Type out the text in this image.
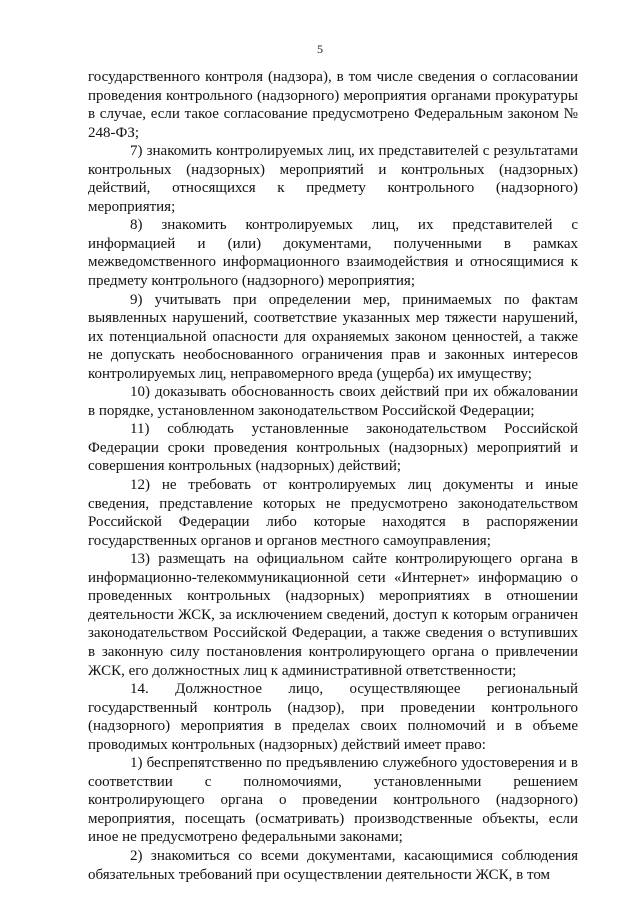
5

государственного контроля (надзора), в том числе сведения о согласовании проведения контрольного (надзорного) мероприятия органами прокуратуры в случае, если такое согласование предусмотрено Федеральным законом № 248-ФЗ;

7) знакомить контролируемых лиц, их представителей с результатами контрольных (надзорных) мероприятий и контрольных (надзорных) действий, относящихся к предмету контрольного (надзорного) мероприятия;

8) знакомить контролируемых лиц, их представителей с информацией и (или) документами, полученными в рамках межведомственного информационного взаимодействия и относящимися к предмету контрольного (надзорного) мероприятия;

9) учитывать при определении мер, принимаемых по фактам выявленных нарушений, соответствие указанных мер тяжести нарушений, их потенциальной опасности для охраняемых законом ценностей, а также не допускать необоснованного ограничения прав и законных интересов контролируемых лиц, неправомерного вреда (ущерба) их имуществу;

10) доказывать обоснованность своих действий при их обжаловании в порядке, установленном законодательством Российской Федерации;

11) соблюдать установленные законодательством Российской Федерации сроки проведения контрольных (надзорных) мероприятий и совершения контрольных (надзорных) действий;

12) не требовать от контролируемых лиц документы и иные сведения, представление которых не предусмотрено законодательством Российской Федерации либо которые находятся в распоряжении государственных органов и органов местного самоуправления;

13) размещать на официальном сайте контролирующего органа в информационно-телекоммуникационной сети «Интернет» информацию о проведенных контрольных (надзорных) мероприятиях в отношении деятельности ЖСК, за исключением сведений, доступ к которым ограничен законодательством Российской Федерации, а также сведения о вступивших в законную силу постановления контролирующего органа о привлечении ЖСК, его должностных лиц к административной ответственности;

14. Должностное лицо, осуществляющее региональный государственный контроль (надзор), при проведении контрольного (надзорного) мероприятия в пределах своих полномочий и в объеме проводимых контрольных (надзорных) действий имеет право:

1) беспрепятственно по предъявлению служебного удостоверения и в соответствии с полномочиями, установленными решением контролирующего органа о проведении контрольного (надзорного) мероприятия, посещать (осматривать) производственные объекты, если иное не предусмотрено федеральными законами;

2) знакомиться со всеми документами, касающимися соблюдения обязательных требований при осуществлении деятельности ЖСК, в том
